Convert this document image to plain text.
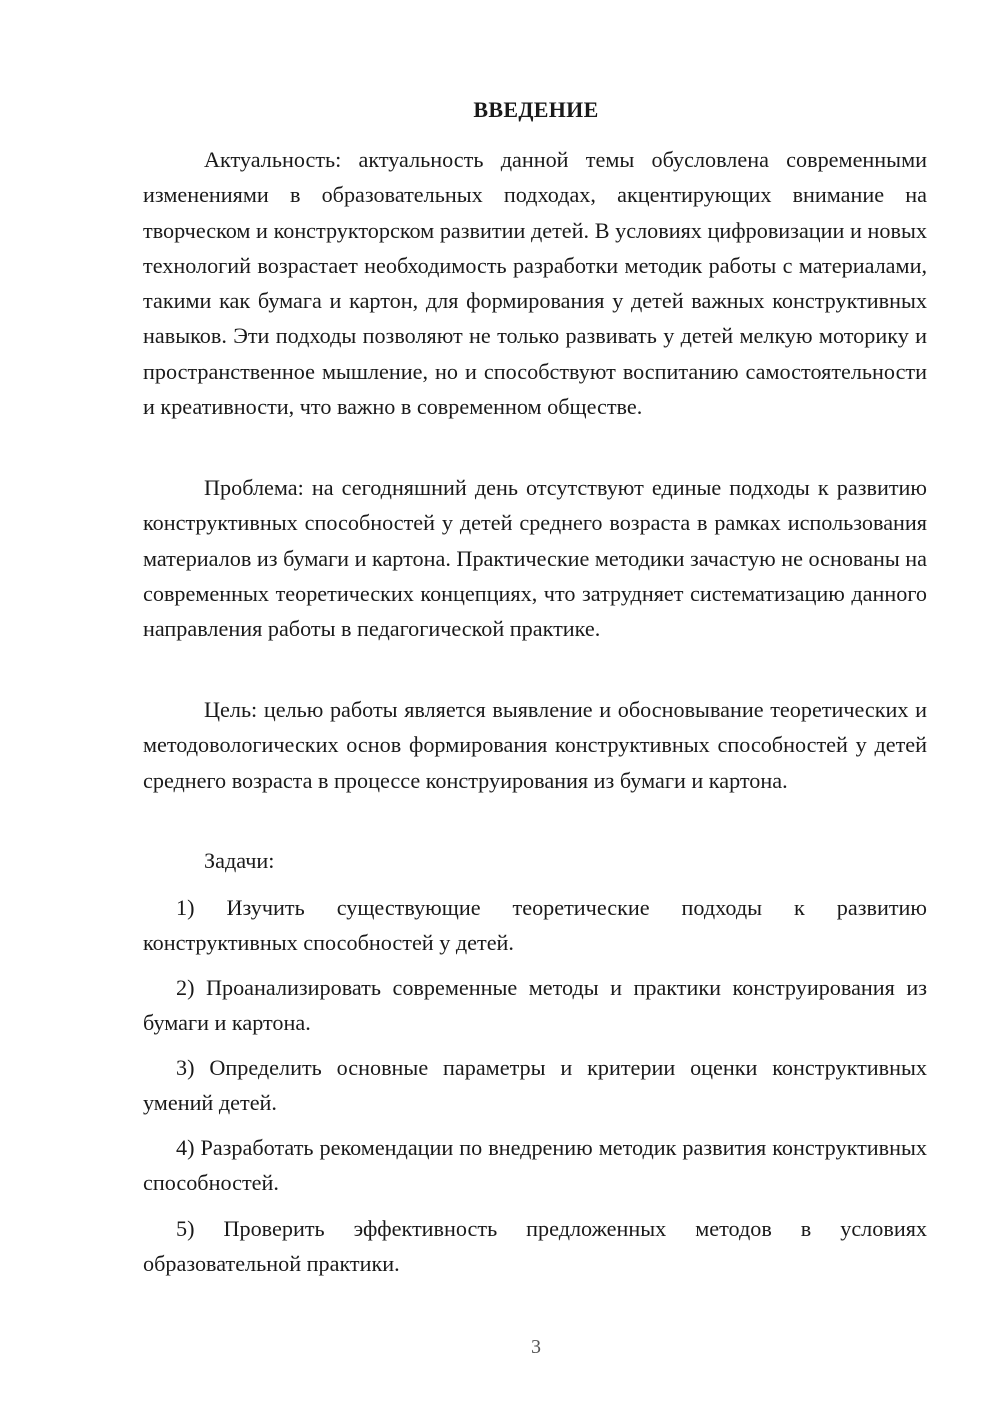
ВВЕДЕНИЕ

Актуальность: актуальность данной темы обусловлена современными изменениями в образовательных подходах, акцентирующих внимание на творческом и конструкторском развитии детей. В условиях цифровизации и новых технологий возрастает необходимость разработки методик работы с материалами, такими как бумага и картон, для формирования у детей важных конструктивных навыков. Эти подходы позволяют не только развивать у детей мелкую моторику и пространственное мышление, но и способствуют воспитанию самостоятельности и креативности, что важно в современном обществе.

Проблема: на сегодняшний день отсутствуют единые подходы к развитию конструктивных способностей у детей среднего возраста в рамках использования материалов из бумаги и картона. Практические методики зачастую не основаны на современных теоретических концепциях, что затрудняет систематизацию данного направления работы в педагогической практике.

Цель: целью работы является выявление и обосновывание теоретических и методовологических основ формирования конструктивных способностей у детей среднего возраста в процессе конструирования из бумаги и картона.

Задачи:

1) Изучить существующие теоретические подходы к развитию конструктивных способностей у детей.

2) Проанализировать современные методы и практики конструирования из бумаги и картона.

3) Определить основные параметры и критерии оценки конструктивных умений детей.

4) Разработать рекомендации по внедрению методик развития конструктивных способностей.

5) Проверить эффективность предложенных методов в условиях образовательной практики.

3
